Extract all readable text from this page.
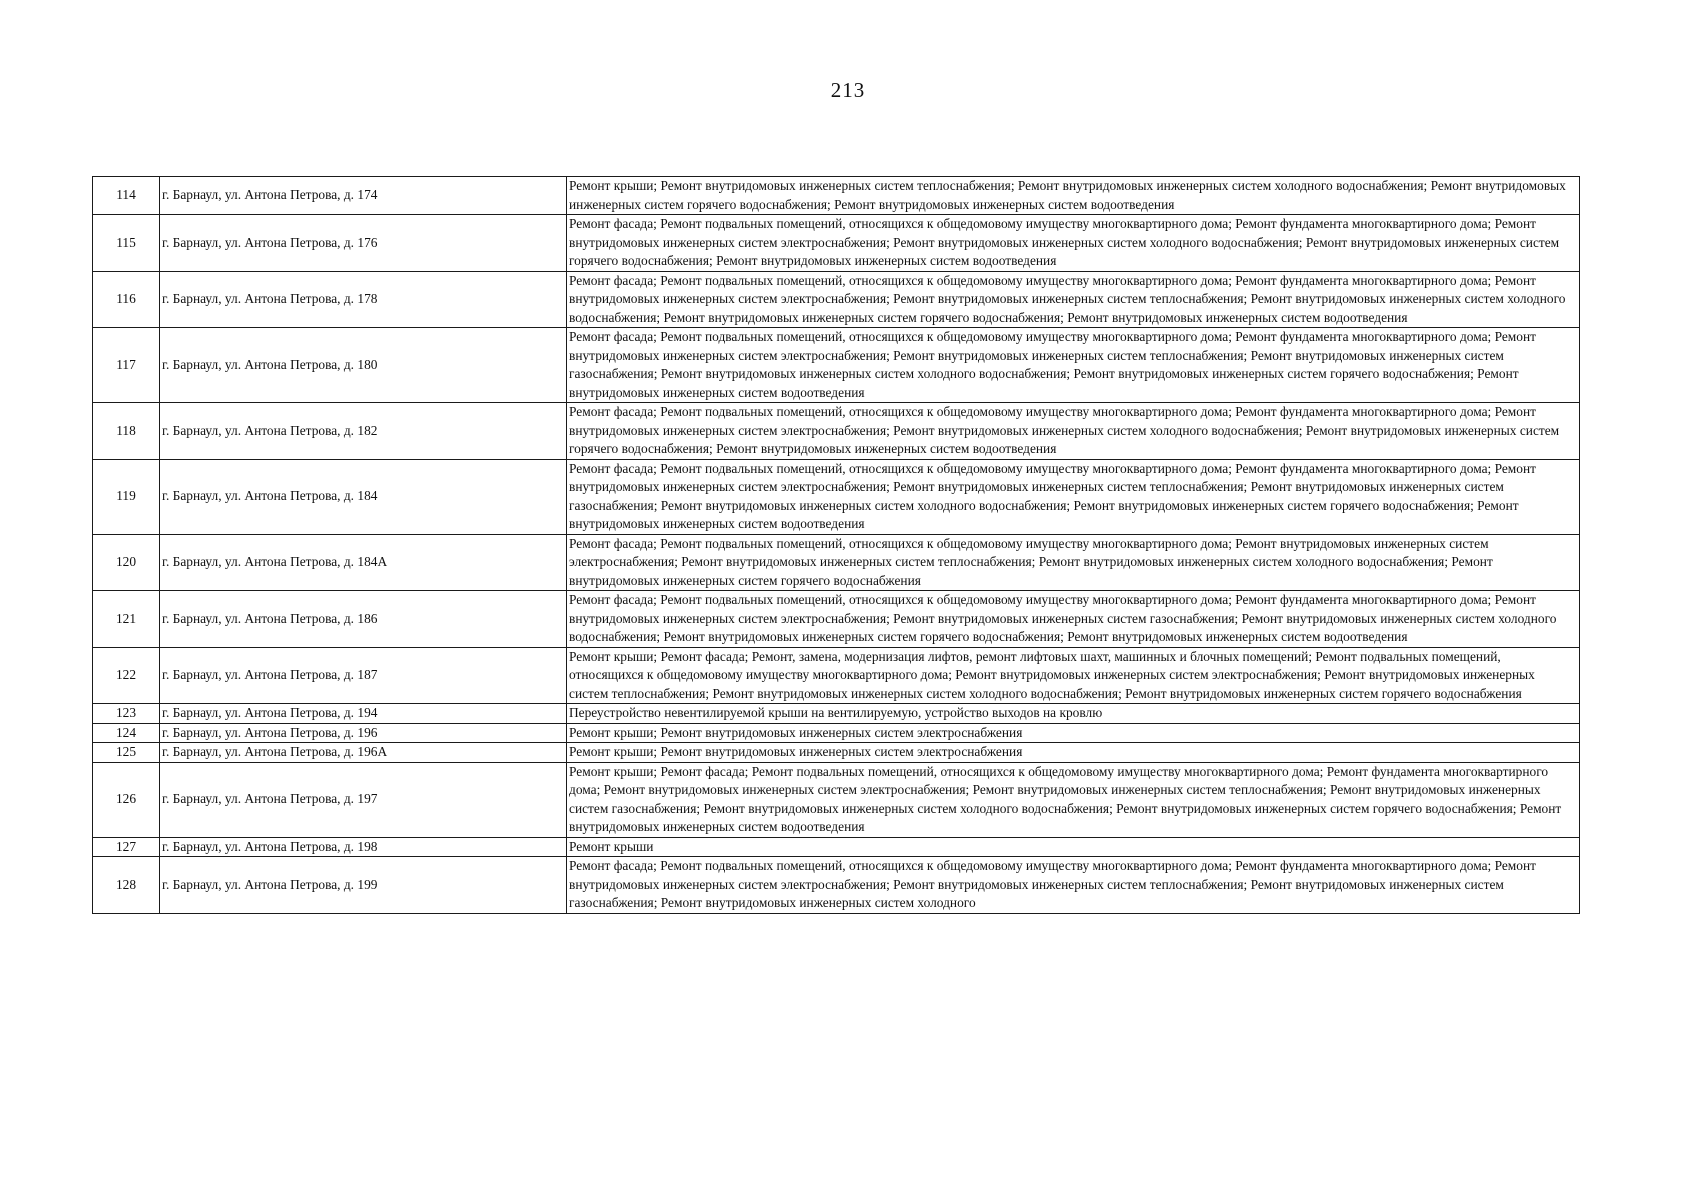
213
114	г. Барнаул, ул. Антона Петрова, д. 174	Ремонт крыши; Ремонт внутридомовых инженерных систем теплоснабжения; Ремонт внутридомовых инженерных систем холодного водоснабжения; Ремонт внутридомовых инженерных систем горячего водоснабжения; Ремонт внутридомовых инженерных систем водоотведения
115	г. Барнаул, ул. Антона Петрова, д. 176	Ремонт фасада; Ремонт подвальных помещений, относящихся к общедомовому имуществу многоквартирного дома; Ремонт фундамента многоквартирного дома; Ремонт внутридомовых инженерных систем электроснабжения; Ремонт внутридомовых инженерных систем холодного водоснабжения; Ремонт внутридомовых инженерных систем горячего водоснабжения; Ремонт внутридомовых инженерных систем водоотведения
116	г. Барнаул, ул. Антона Петрова, д. 178	Ремонт фасада; Ремонт подвальных помещений, относящихся к общедомовому имуществу многоквартирного дома; Ремонт фундамента многоквартирного дома; Ремонт внутридомовых инженерных систем электроснабжения; Ремонт внутридомовых инженерных систем теплоснабжения; Ремонт внутридомовых инженерных систем холодного водоснабжения; Ремонт внутридомовых инженерных систем горячего водоснабжения; Ремонт внутридомовых инженерных систем водоотведения
117	г. Барнаул, ул. Антона Петрова, д. 180	Ремонт фасада; Ремонт подвальных помещений, относящихся к общедомовому имуществу многоквартирного дома; Ремонт фундамента многоквартирного дома; Ремонт внутридомовых инженерных систем электроснабжения; Ремонт внутридомовых инженерных систем теплоснабжения; Ремонт внутридомовых инженерных систем газоснабжения; Ремонт внутридомовых инженерных систем холодного водоснабжения; Ремонт внутридомовых инженерных систем горячего водоснабжения; Ремонт внутридомовых инженерных систем водоотведения
118	г. Барнаул, ул. Антона Петрова, д. 182	Ремонт фасада; Ремонт подвальных помещений, относящихся к общедомовому имуществу многоквартирного дома; Ремонт фундамента многоквартирного дома; Ремонт внутридомовых инженерных систем электроснабжения; Ремонт внутридомовых инженерных систем холодного водоснабжения; Ремонт внутридомовых инженерных систем горячего водоснабжения; Ремонт внутридомовых инженерных систем водоотведения
119	г. Барнаул, ул. Антона Петрова, д. 184	Ремонт фасада; Ремонт подвальных помещений, относящихся к общедомовому имуществу многоквартирного дома; Ремонт фундамента многоквартирного дома; Ремонт внутридомовых инженерных систем электроснабжения; Ремонт внутридомовых инженерных систем теплоснабжения; Ремонт внутридомовых инженерных систем газоснабжения; Ремонт внутридомовых инженерных систем холодного водоснабжения; Ремонт внутридомовых инженерных систем горячего водоснабжения; Ремонт внутридомовых инженерных систем водоотведения
120	г. Барнаул, ул. Антона Петрова, д. 184А	Ремонт фасада; Ремонт подвальных помещений, относящихся к общедомовому имуществу многоквартирного дома; Ремонт внутридомовых инженерных систем электроснабжения; Ремонт внутридомовых инженерных систем теплоснабжения; Ремонт внутридомовых инженерных систем холодного водоснабжения; Ремонт внутридомовых инженерных систем горячего водоснабжения
121	г. Барнаул, ул. Антона Петрова, д. 186	Ремонт фасада; Ремонт подвальных помещений, относящихся к общедомовому имуществу многоквартирного дома; Ремонт фундамента многоквартирного дома; Ремонт внутридомовых инженерных систем электроснабжения; Ремонт внутридомовых инженерных систем газоснабжения; Ремонт внутридомовых инженерных систем холодного водоснабжения; Ремонт внутридомовых инженерных систем горячего водоснабжения; Ремонт внутридомовых инженерных систем водоотведения
122	г. Барнаул, ул. Антона Петрова, д. 187	Ремонт крыши; Ремонт фасада; Ремонт, замена, модернизация лифтов, ремонт лифтовых шахт, машинных и блочных помещений; Ремонт подвальных помещений, относящихся к общедомовому имуществу многоквартирного дома; Ремонт внутридомовых инженерных систем электроснабжения; Ремонт внутридомовых инженерных систем теплоснабжения; Ремонт внутридомовых инженерных систем холодного водоснабжения; Ремонт внутридомовых инженерных систем горячего водоснабжения
123	г. Барнаул, ул. Антона Петрова, д. 194	Переустройство невентилируемой крыши на вентилируемую, устройство выходов на кровлю
124	г. Барнаул, ул. Антона Петрова, д. 196	Ремонт крыши; Ремонт внутридомовых инженерных систем электроснабжения
125	г. Барнаул, ул. Антона Петрова, д. 196А	Ремонт крыши; Ремонт внутридомовых инженерных систем электроснабжения
126	г. Барнаул, ул. Антона Петрова, д. 197	Ремонт крыши; Ремонт фасада; Ремонт подвальных помещений, относящихся к общедомовому имуществу многоквартирного дома; Ремонт фундамента многоквартирного дома; Ремонт внутридомовых инженерных систем электроснабжения; Ремонт внутридомовых инженерных систем теплоснабжения; Ремонт внутридомовых инженерных систем газоснабжения; Ремонт внутридомовых инженерных систем холодного водоснабжения; Ремонт внутридомовых инженерных систем горячего водоснабжения; Ремонт внутридомовых инженерных систем водоотведения
127	г. Барнаул, ул. Антона Петрова, д. 198	Ремонт крыши
128	г. Барнаул, ул. Антона Петрова, д. 199	Ремонт фасада; Ремонт подвальных помещений, относящихся к общедомовому имуществу многоквартирного дома; Ремонт фундамента многоквартирного дома; Ремонт внутридомовых инженерных систем электроснабжения; Ремонт внутридомовых инженерных систем теплоснабжения; Ремонт внутридомовых инженерных систем газоснабжения; Ремонт внутридомовых инженерных систем холодного
